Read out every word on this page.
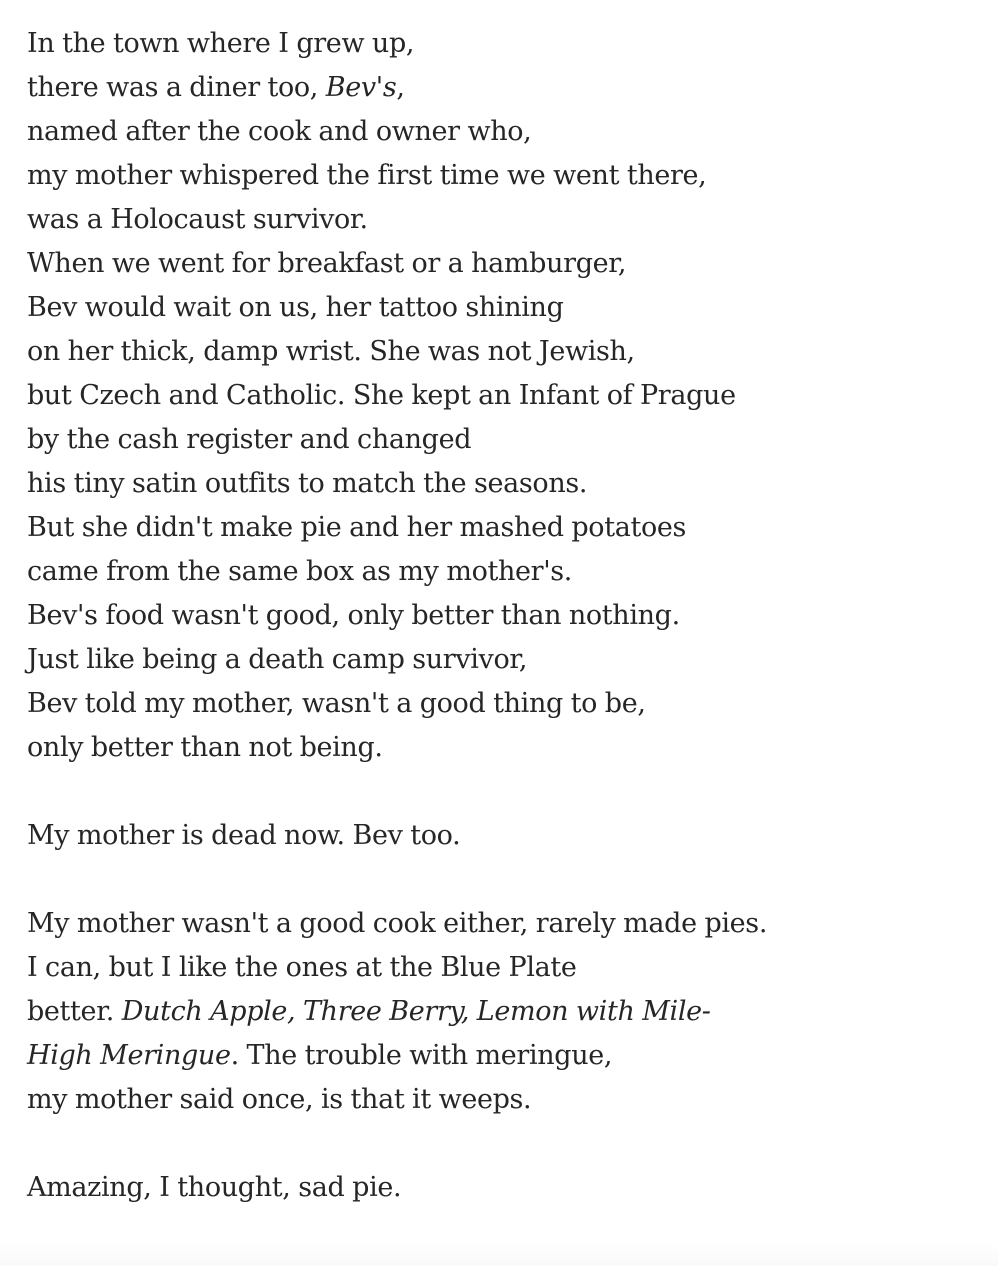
In the town where I grew up,
there was a diner too, Bev's,
named after the cook and owner who,
my mother whispered the first time we went there,
was a Holocaust survivor.
When we went for breakfast or a hamburger,
Bev would wait on us, her tattoo shining
on her thick, damp wrist. She was not Jewish,
but Czech and Catholic. She kept an Infant of Prague
by the cash register and changed
his tiny satin outfits to match the seasons.
But she didn't make pie and her mashed potatoes
came from the same box as my mother's.
Bev's food wasn't good, only better than nothing.
Just like being a death camp survivor,
Bev told my mother, wasn't a good thing to be,
only better than not being.
My mother is dead now. Bev too.
My mother wasn't a good cook either, rarely made pies.
I can, but I like the ones at the Blue Plate
better. Dutch Apple, Three Berry, Lemon with Mile-
High Meringue. The trouble with meringue,
my mother said once, is that it weeps.
Amazing, I thought, sad pie.
